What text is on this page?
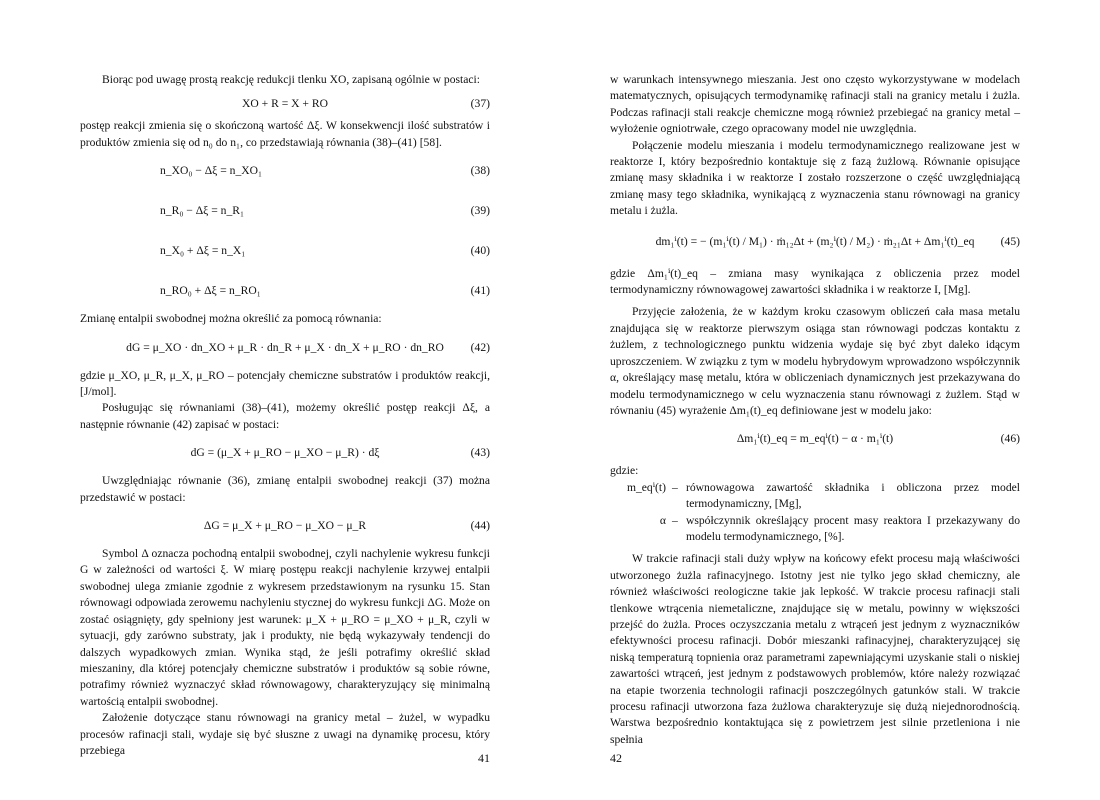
Biorąc pod uwagę prostą reakcję redukcji tlenku XO, zapisaną ogólnie w postaci:

XO + R = X + RO	(37)

postęp reakcji zmienia się o skończoną wartość Δξ. W konsekwencji ilość substratów i produktów zmienia się od n₀ do n₁, co przedstawiają równania (38)–(41) [58].

n_XO₀ − Δξ = n_XO₁	(38)
n_R₀ − Δξ = n_R₁	(39)
n_X₀ + Δξ = n_X₁	(40)
n_RO₀ + Δξ = n_RO₁	(41)

Zmianę entalpii swobodnej można określić za pomocą równania:

dG = μ_XO · dn_XO + μ_R · dn_R + μ_X · dn_X + μ_RO · dn_RO	(42)

gdzie μ_XO, μ_R, μ_X, μ_RO – potencjały chemiczne substratów i produktów reakcji, [J/mol].

Posługując się równaniami (38)–(41), możemy określić postęp reakcji Δξ, a następnie równanie (42) zapisać w postaci:

dG = (μ_X + μ_RO − μ_XO − μ_R) · dξ	(43)

Uwzględniając równanie (36), zmianę entalpii swobodnej reakcji (37) można przedstawić w postaci:

ΔG = μ_X + μ_RO − μ_XO − μ_R	(44)

Symbol Δ oznacza pochodną entalpii swobodnej, czyli nachylenie wykresu funkcji G w zależności od wartości ξ. W miarę postępu reakcji nachylenie krzywej entalpii swobodnej ulega zmianie zgodnie z wykresem przedstawionym na rysunku 15. Stan równowagi odpowiada zerowemu nachyleniu stycznej do wykresu funkcji ΔG. Może on zostać osiągnięty, gdy spełniony jest warunek: μ_X + μ_RO = μ_XO + μ_R, czyli w sytuacji, gdy zarówno substraty, jak i produkty, nie będą wykazywały tendencji do dalszych wypadkowych zmian. Wynika stąd, że jeśli potrafimy określić skład mieszaniny, dla której potencjały chemiczne substratów i produktów są sobie równe, potrafimy również wyznaczyć skład równowagowy, charakteryzujący się minimalną wartością entalpii swobodnej.

Założenie dotyczące stanu równowagi na granicy metal – żużel, w wypadku procesów rafinacji stali, wydaje się być słuszne z uwagi na dynamikę procesu, który przebiega

41

w warunkach intensywnego mieszania. Jest ono często wykorzystywane w modelach matematycznych, opisujących termodynamikę rafinacji stali na granicy metalu i żużla. Podczas rafinacji stali reakcje chemiczne mogą również przebiegać na granicy metal – wyłożenie ogniotrwałe, czego opracowany model nie uwzględnia.

Połączenie modelu mieszania i modelu termodynamicznego realizowane jest w reaktorze I, który bezpośrednio kontaktuje się z fazą żużlową. Równanie opisujące zmianę masy składnika i w reaktorze I zostało rozszerzone o część uwzględniającą zmianę masy tego składnika, wynikającą z wyznaczenia stanu równowagi na granicy metalu i żużla.

dm₁ⁱ(t) = − (m₁ⁱ(t) / M₁) · ṁ₁₂Δt + (m₂ⁱ(t) / M₂) · ṁ₂₁Δt + Δm₁ⁱ(t)_eq	(45)

gdzie Δm₁ⁱ(t)_eq – zmiana masy wynikająca z obliczenia przez model termodynamiczny równowagowej zawartości składnika i w reaktorze I, [Mg].

Przyjęcie założenia, że w każdym kroku czasowym obliczeń cała masa metalu znajdująca się w reaktorze pierwszym osiąga stan równowagi podczas kontaktu z żużlem, z technologicznego punktu widzenia wydaje się być zbyt daleko idącym uproszczeniem. W związku z tym w modelu hybrydowym wprowadzono współczynnik α, określający masę metalu, która w obliczeniach dynamicznych jest przekazywana do modelu termodynamicznego w celu wyznaczenia stanu równowagi z żużlem. Stąd w równaniu (45) wyrażenie Δm₁(t)_eq definiowane jest w modelu jako:

Δm₁ⁱ(t)_eq = m_eqⁱ(t) − α · m₁ⁱ(t)	(46)

gdzie:

m_eqⁱ(t) – równowagowa zawartość składnika i obliczona przez model termodynamiczny, [Mg],
α – współczynnik określający procent masy reaktora I przekazywany do modelu termodynamicznego, [%].

W trakcie rafinacji stali duży wpływ na końcowy efekt procesu mają właściwości utworzonego żużla rafinacyjnego. Istotny jest nie tylko jego skład chemiczny, ale również właściwości reologiczne takie jak lepkość. W trakcie procesu rafinacji stali tlenkowe wtrącenia niemetaliczne, znajdujące się w metalu, powinny w większości przejść do żużla. Proces oczyszczania metalu z wtrąceń jest jednym z wyznaczników efektywności procesu rafinacji. Dobór mieszanki rafinacyjnej, charakteryzującej się niską temperaturą topnienia oraz parametrami zapewniającymi uzyskanie stali o niskiej zawartości wtrąceń, jest jednym z podstawowych problemów, które należy rozwiązać na etapie tworzenia technologii rafinacji poszczególnych gatunków stali. W trakcie procesu rafinacji utworzona faza żużlowa charakteryzuje się dużą niejednorodnością. Warstwa bezpośrednio kontaktująca się z powietrzem jest silnie przetleniona i nie spełnia

42
